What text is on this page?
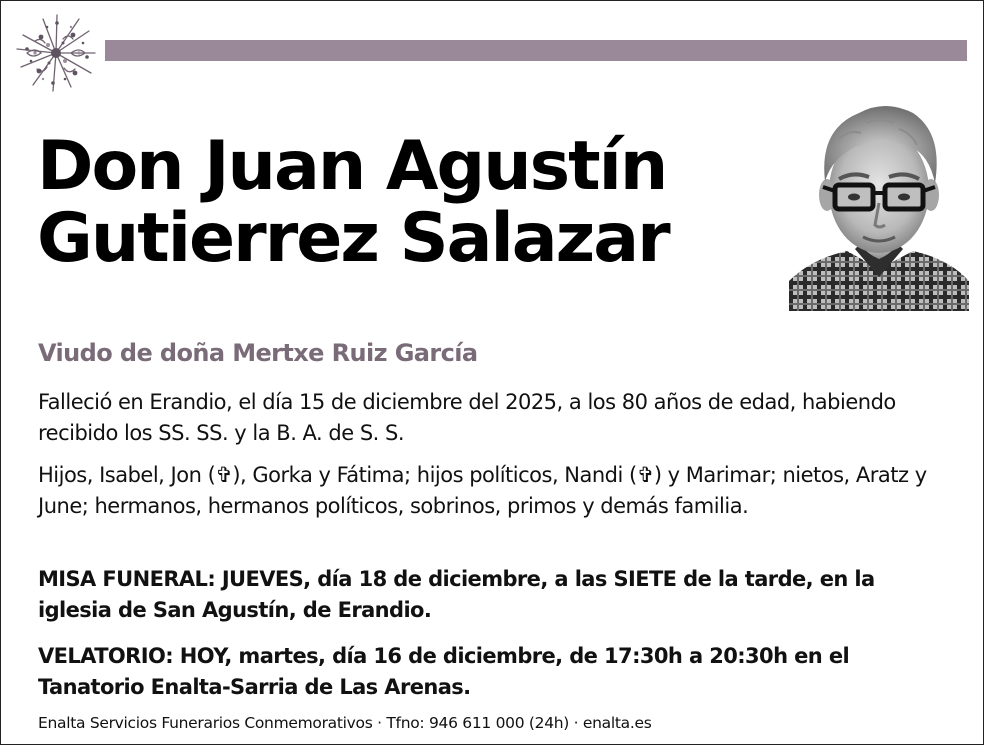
Don Juan Agustín
Gutierrez Salazar
Viudo de doña Mertxe Ruiz García

Falleció en Erandio, el día 15 de diciembre del 2025, a los 80 años de edad, habiendo recibido los SS. SS. y la B. A. de S. S.

Hijos, Isabel, Jon (✞), Gorka y Fátima; hijos políticos, Nandi (✞) y Marimar; nietos, Aratz y June; hermanos, hermanos políticos, sobrinos, primos y demás familia.

MISA FUNERAL: JUEVES, día 18 de diciembre, a las SIETE de la tarde, en la iglesia de San Agustín, de Erandio.

VELATORIO: HOY, martes, día 16 de diciembre, de 17:30h a 20:30h en el Tanatorio Enalta-Sarria de Las Arenas.

Enalta Servicios Funerarios Conmemorativos · Tfno: 946 611 000 (24h) · enalta.es
